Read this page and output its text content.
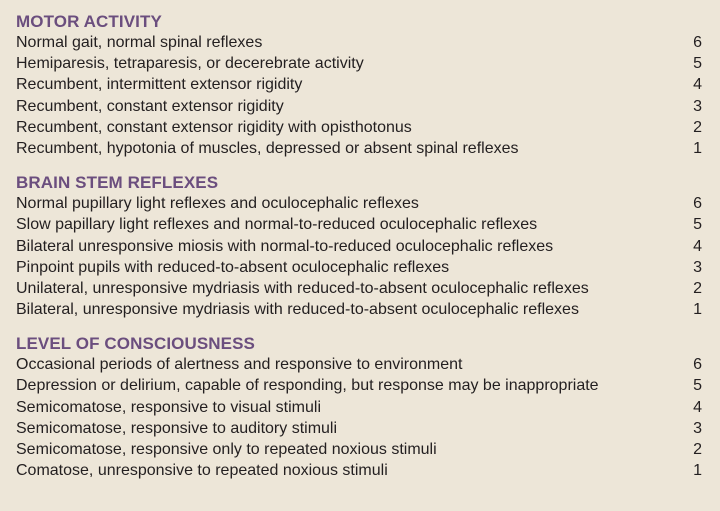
MOTOR ACTIVITY
Normal gait, normal spinal reflexes	6
Hemiparesis, tetraparesis, or decerebrate activity	5
Recumbent, intermittent extensor rigidity	4
Recumbent, constant extensor rigidity	3
Recumbent, constant extensor rigidity with opisthotonus	2
Recumbent, hypotonia of muscles, depressed or absent spinal reflexes	1
BRAIN STEM REFLEXES
Normal pupillary light reflexes and oculocephalic reflexes	6
Slow papillary light reflexes and normal-to-reduced oculocephalic reflexes	5
Bilateral unresponsive miosis with normal-to-reduced oculocephalic reflexes	4
Pinpoint pupils with reduced-to-absent oculocephalic reflexes	3
Unilateral, unresponsive mydriasis with reduced-to-absent oculocephalic reflexes	2
Bilateral, unresponsive mydriasis with reduced-to-absent oculocephalic reflexes	1
LEVEL OF CONSCIOUSNESS
Occasional periods of alertness and responsive to environment	6
Depression or delirium, capable of responding, but response may be inappropriate	5
Semicomatose, responsive to visual stimuli	4
Semicomatose, responsive to auditory stimuli	3
Semicomatose, responsive only to repeated noxious stimuli	2
Comatose, unresponsive to repeated noxious stimuli	1
